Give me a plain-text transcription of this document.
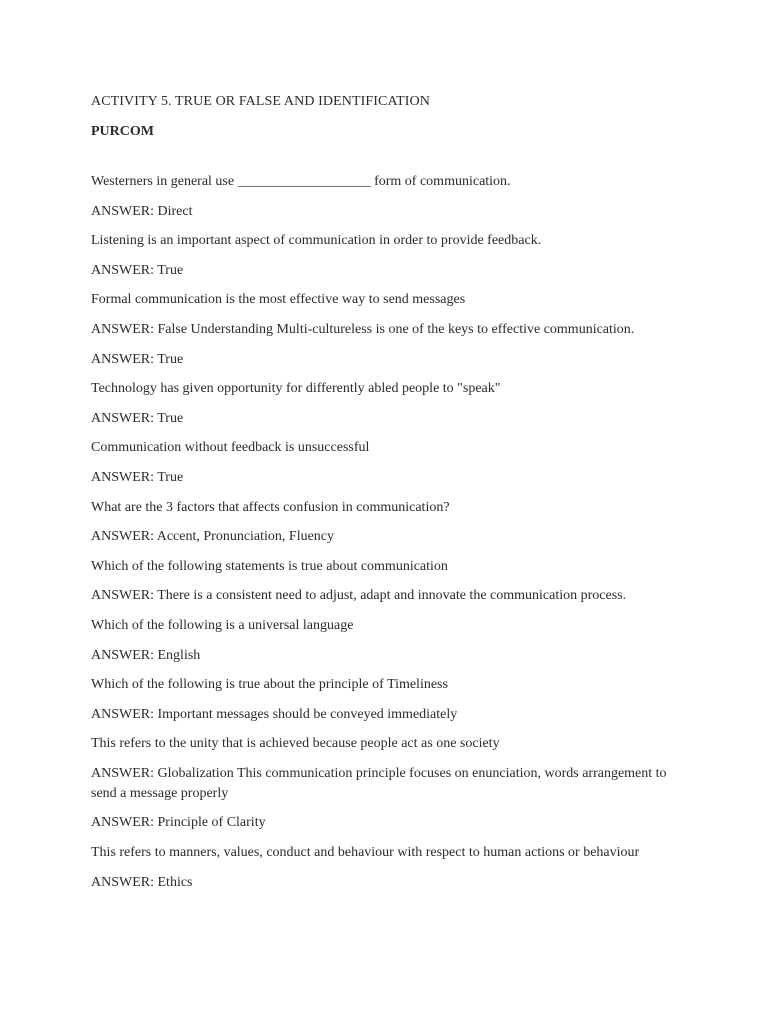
ACTIVITY 5. TRUE OR FALSE AND IDENTIFICATION
PURCOM
Westerners in general use ___________________ form of communication.
ANSWER: Direct
Listening is an important aspect of communication in order to provide feedback.
ANSWER: True
Formal communication is the most effective way to send messages
ANSWER: False Understanding Multi-cultureless is one of the keys to effective communication.
ANSWER: True
Technology has given opportunity for differently abled people to "speak"
ANSWER: True
Communication without feedback is unsuccessful
ANSWER: True
What are the 3 factors that affects confusion in communication?
ANSWER: Accent, Pronunciation, Fluency
Which of the following statements is true about communication
ANSWER: There is a consistent need to adjust, adapt and innovate the communication process.
Which of the following is a universal language
ANSWER: English
Which of the following is true about the principle of Timeliness
ANSWER: Important messages should be conveyed immediately
This refers to the unity that is achieved because people act as one society
ANSWER: Globalization This communication principle focuses on enunciation, words arrangement to send a message properly
ANSWER: Principle of Clarity
This refers to manners, values, conduct and behaviour with respect to human actions or behaviour
ANSWER: Ethics
